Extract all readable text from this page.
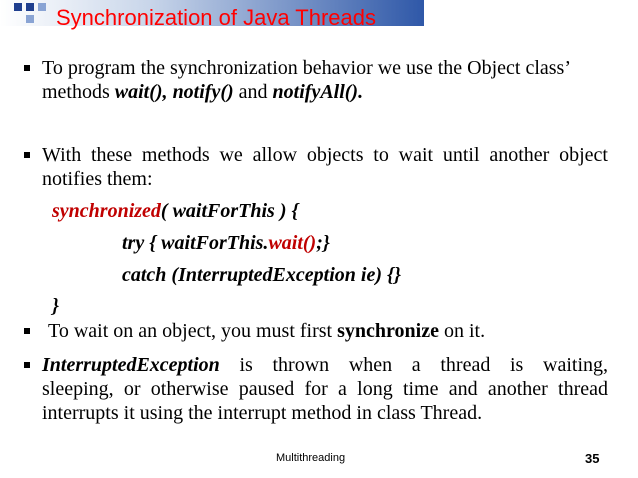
Synchronization of Java Threads
To program the synchronization behavior we use the Object class’
methods wait(), notify() and notifyAll().
With these methods we allow objects to wait until another object
notifies them:
synchronized( waitForThis ) {
try { waitForThis.wait();}
catch (InterruptedException ie) {}
}
To wait on an object, you must first synchronize on it.
InterruptedException is thrown when a thread is waiting,
sleeping, or otherwise paused for a long time and another thread
interrupts it using the interrupt method in class Thread.
Multithreading	35
